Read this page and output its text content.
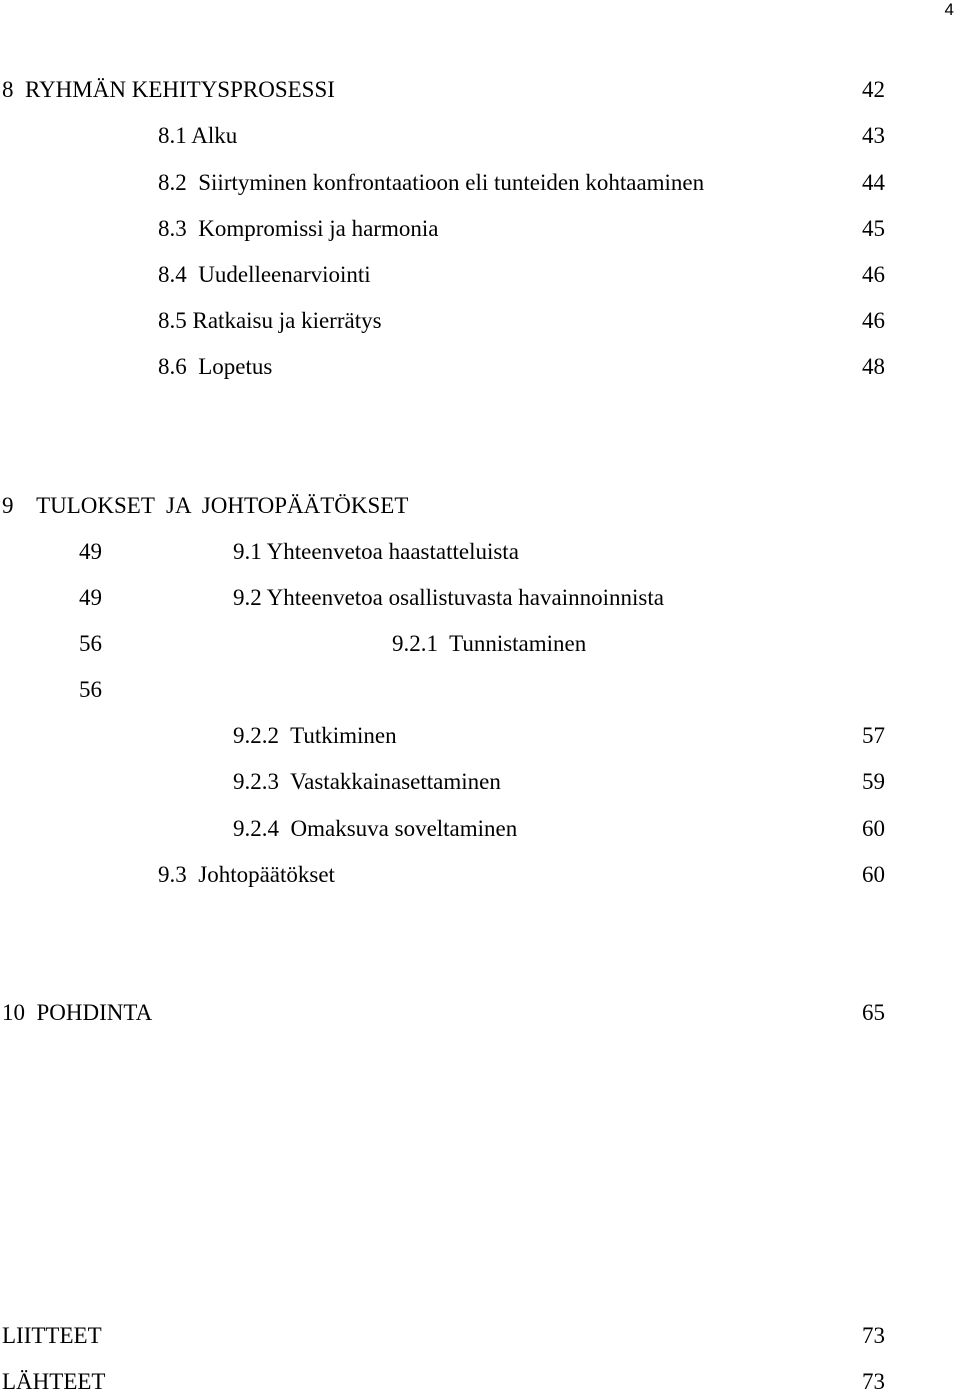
4
8  RYHMÄN KEHITYSPROSESSI	42
8.1 Alku	43
8.2  Siirtyminen konfrontaatioon eli tunteiden kohtaaminen	44
8.3  Kompromissi ja harmonia	45
8.4  Uudelleenarviointi	46
8.5 Ratkaisu ja kierrätys	46
8.6  Lopetus	48
9    TULOKSET  JA  JOHTOPÄÄTÖKSET
49	9.1 Yhteenvetoa haastatteluista
49	9.2 Yhteenvetoa osallistuvasta havainnoinnista
56	9.2.1  Tunnistaminen
56
9.2.2  Tutkiminen	57
9.2.3  Vastakkainasettaminen	59
9.2.4  Omaksuva soveltaminen	60
9.3  Johtopäätökset	60
10  POHDINTA	65
LIITTEET	73
LÄHTEET	73
